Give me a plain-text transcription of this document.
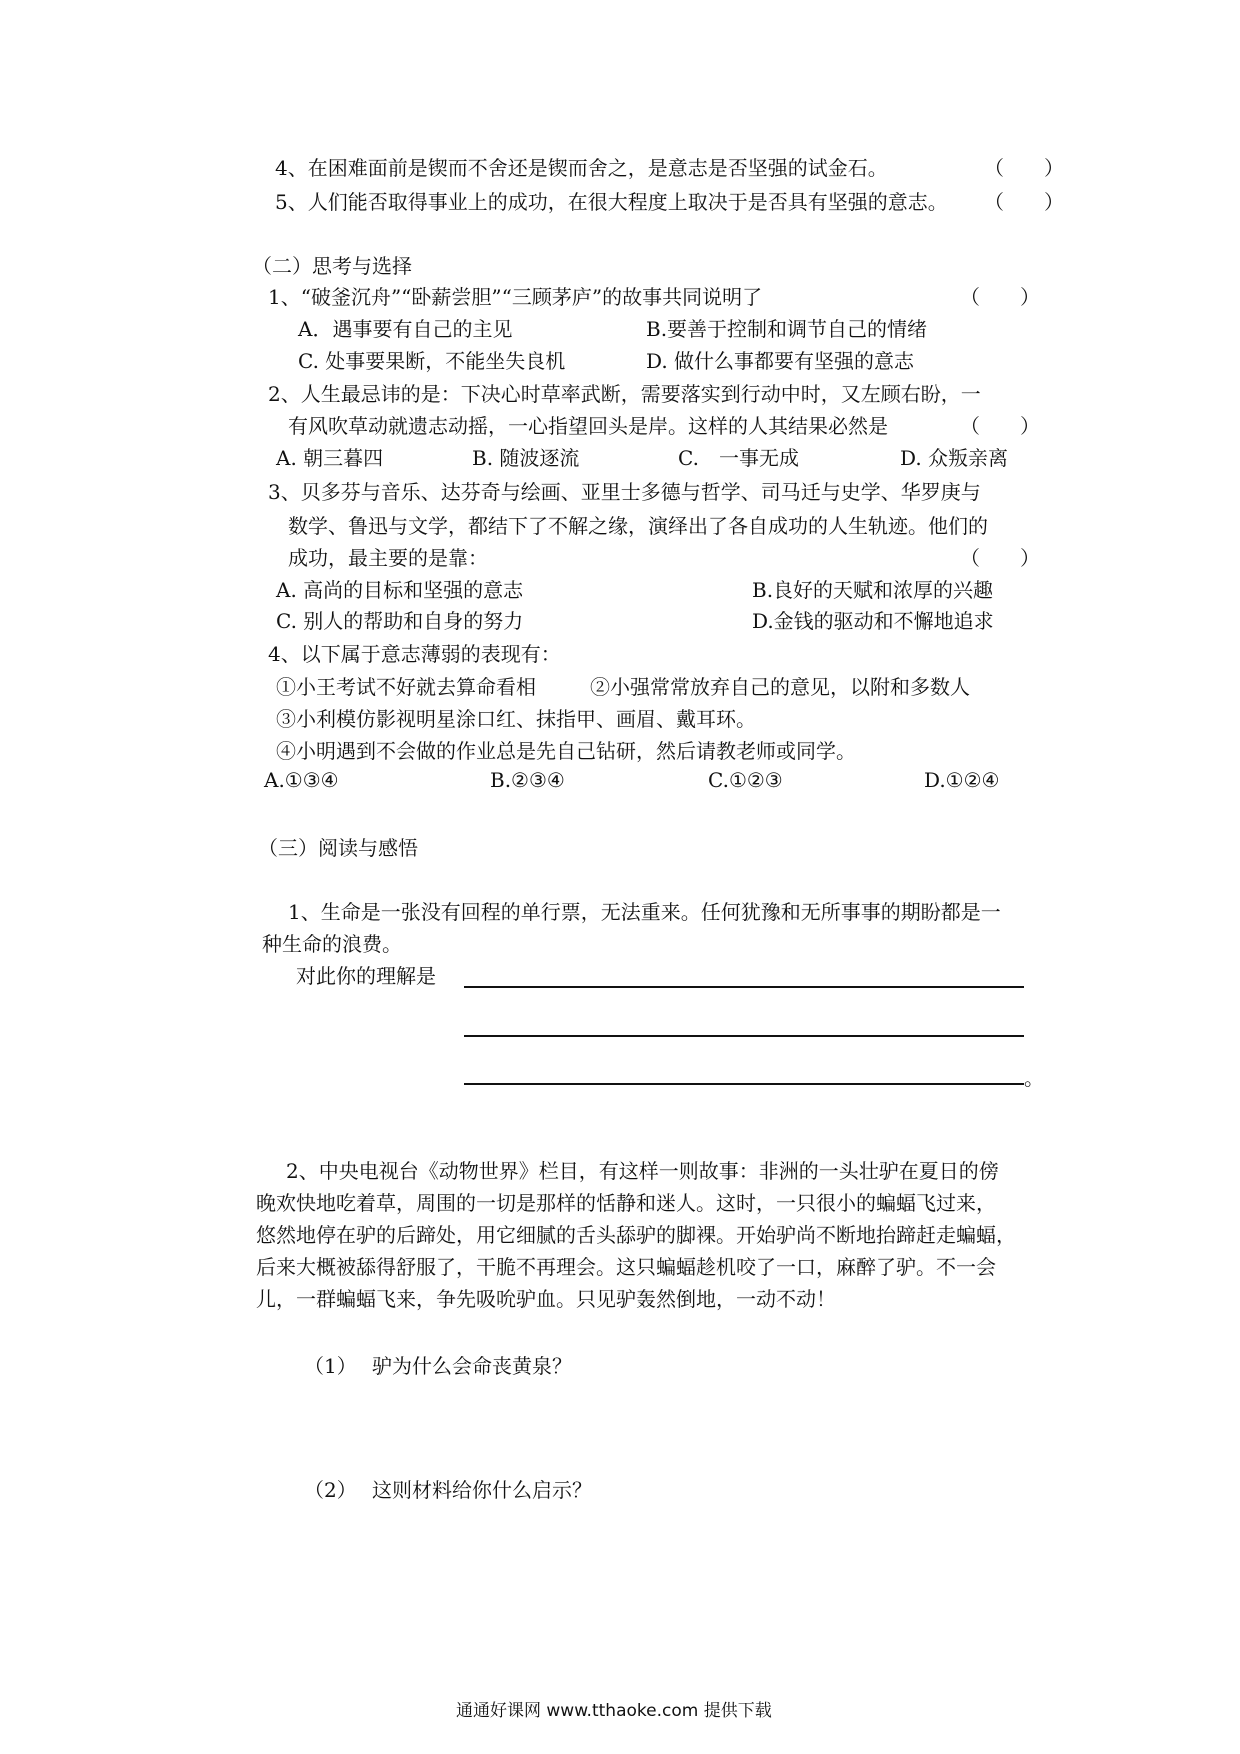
4、在困难面前是锲而不舍还是锲而舍之，是意志是否坚强的试金石。	（　　）
5、人们能否取得事业上的成功，在很大程度上取决于是否具有坚强的意志。 （　　）
（二）思考与选择
1、“破釜沉舟”“卧薪尝胆”“三顾茅庐”的故事共同说明了	（　　）
A．遇事要有自己的主见	B.要善于控制和调节自己的情绪
C. 处事要果断，不能坐失良机	D. 做什么事都要有坚强的意志
2、人生最忌讳的是：下决心时草率武断，需要落实到行动中时，又左顾右盼，一
有风吹草动就遗志动摇，一心指望回头是岸。这样的人其结果必然是	（　　）
A. 朝三暮四	B. 随波逐流	C.　一事无成	D. 众叛亲离
3、贝多芬与音乐、达芬奇与绘画、亚里士多德与哲学、司马迁与史学、华罗庚与
数学、鲁迅与文学，都结下了不解之缘，演绎出了各自成功的人生轨迹。他们的
成功，最主要的是靠：	（　　）
A. 高尚的目标和坚强的意志	B.良好的天赋和浓厚的兴趣
C. 别人的帮助和自身的努力	D.金钱的驱动和不懈地追求
4、以下属于意志薄弱的表现有：
①小王考试不好就去算命看相	②小强常常放弃自己的意见，以附和多数人
③小利模仿影视明星涂口红、抹指甲、画眉、戴耳环。
④小明遇到不会做的作业总是先自己钻研，然后请教老师或同学。
A.①③④	B.②③④	C.①②③	D.①②④
（三）阅读与感悟
1、生命是一张没有回程的单行票，无法重来。任何犹豫和无所事事的期盼都是一
种生命的浪费。
对此你的理解是
。
2、中央电视台《动物世界》栏目，有这样一则故事：非洲的一头壮驴在夏日的傍
晚欢快地吃着草，周围的一切是那样的恬静和迷人。这时，一只很小的蝙蝠飞过来，
悠然地停在驴的后蹄处，用它细腻的舌头舔驴的脚裸。开始驴尚不断地抬蹄赶走蝙蝠，
后来大概被舔得舒服了，干脆不再理会。这只蝙蝠趁机咬了一口，麻醉了驴。不一会
儿，一群蝙蝠飞来，争先吸吮驴血。只见驴轰然倒地，一动不动！
（1） 驴为什么会命丧黄泉？
（2） 这则材料给你什么启示？
通通好课网 www.tthaoke.com 提供下载
